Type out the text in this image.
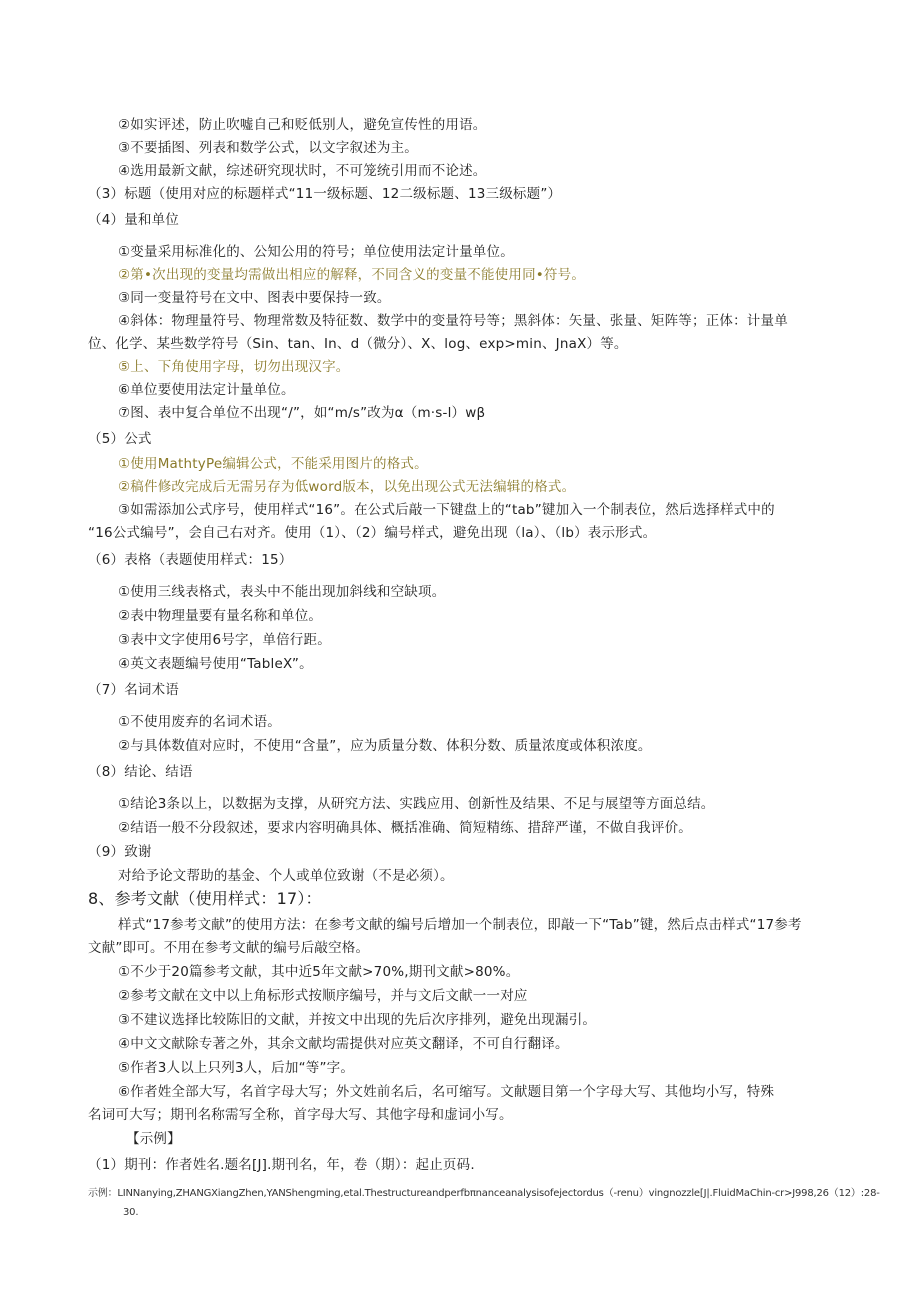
②如实评述，防止吹嘘自己和贬低别人，避免宣传性的用语。
③不要插图、列表和数学公式，以文字叙述为主。
④选用最新文献，综述研究现状时，不可笼统引用而不论述。
（3）标题（使用对应的标题样式“11一级标题、12二级标题、13三级标题”）
（4）量和单位
①变量采用标准化的、公知公用的符号；单位使用法定计量单位。
②第•次出现的变量均需做出相应的解释，不同含义的变量不能使用同•符号。
③同一变量符号在文中、图表中要保持一致。
④斜体：物理量符号、物理常数及特征数、数学中的变量符号等；黑斜体：矢量、张量、矩阵等；正体：计量单
位、化学、某些数学符号（Sin、tan、In、d（微分）、X、log、exp>min、JnaX）等。
⑤上、下角使用字母，切勿出现汉字。
⑥单位要使用法定计量单位。
⑦图、表中复合单位不出现“/”，如“m/s”改为α（m·s-l）wβ
（5）公式
①使用MathtyPe编辑公式，不能采用图片的格式。
②稿件修改完成后无需另存为低word版本，以免出现公式无法编辑的格式。
③如需添加公式序号，使用样式“16”。在公式后敲一下键盘上的“tab”键加入一个制表位，然后选择样式中的
“16公式编号”，会自己右对齐。使用（1）、（2）编号样式，避免出现（la）、（lb）表示形式。
（6）表格（表题使用样式：15）
①使用三线表格式，表头中不能出现加斜线和空缺项。
②表中物理量要有量名称和单位。
③表中文字使用6号字，单倍行距。
④英文表题编号使用“TableX”。
（7）名词术语
①不使用废弃的名词术语。
②与具体数值对应时，不使用“含量”，应为质量分数、体积分数、质量浓度或体积浓度。
（8）结论、结语
①结论3条以上，以数据为支撑，从研究方法、实践应用、创新性及结果、不足与展望等方面总结。
②结语一般不分段叙述，要求内容明确具体、概括准确、简短精练、措辞严谨，不做自我评价。
（9）致谢
对给予论文帮助的基金、个人或单位致谢（不是必须）。
8、参考文献（使用样式：17）：
样式“17参考文献”的使用方法：在参考文献的编号后增加一个制表位，即敲一下“Tab”键，然后点击样式“17参考
文献”即可。不用在参考文献的编号后敲空格。
①不少于20篇参考文献，其中近5年文献>70%,期刊文献>80%。
②参考文献在文中以上角标形式按顺序编号，并与文后文献一一对应
③不建议选择比较陈旧的文献，并按文中出现的先后次序排列，避免出现漏引。
④中文文献除专著之外，其余文献均需提供对应英文翻译，不可自行翻译。
⑤作者3人以上只列3人，后加“等”字。
⑥作者姓全部大写，名首字母大写；外文姓前名后，名可缩写。文献题目第一个字母大写、其他均小写，特殊
名词可大写；期刊名称需写全称，首字母大写、其他字母和虚词小写。
【示例】
（1）期刊：作者姓名.题名[J].期刊名，年，卷（期）：起止页码.
示例：LINNanying,ZHANGXiangZhen,YANShengming,etal.Thestructureandperfbπnanceanalysisofejectordus（-renu）vingnozzle[J|.FluidMaChin-cr>J998,26（12）:28-
30.
